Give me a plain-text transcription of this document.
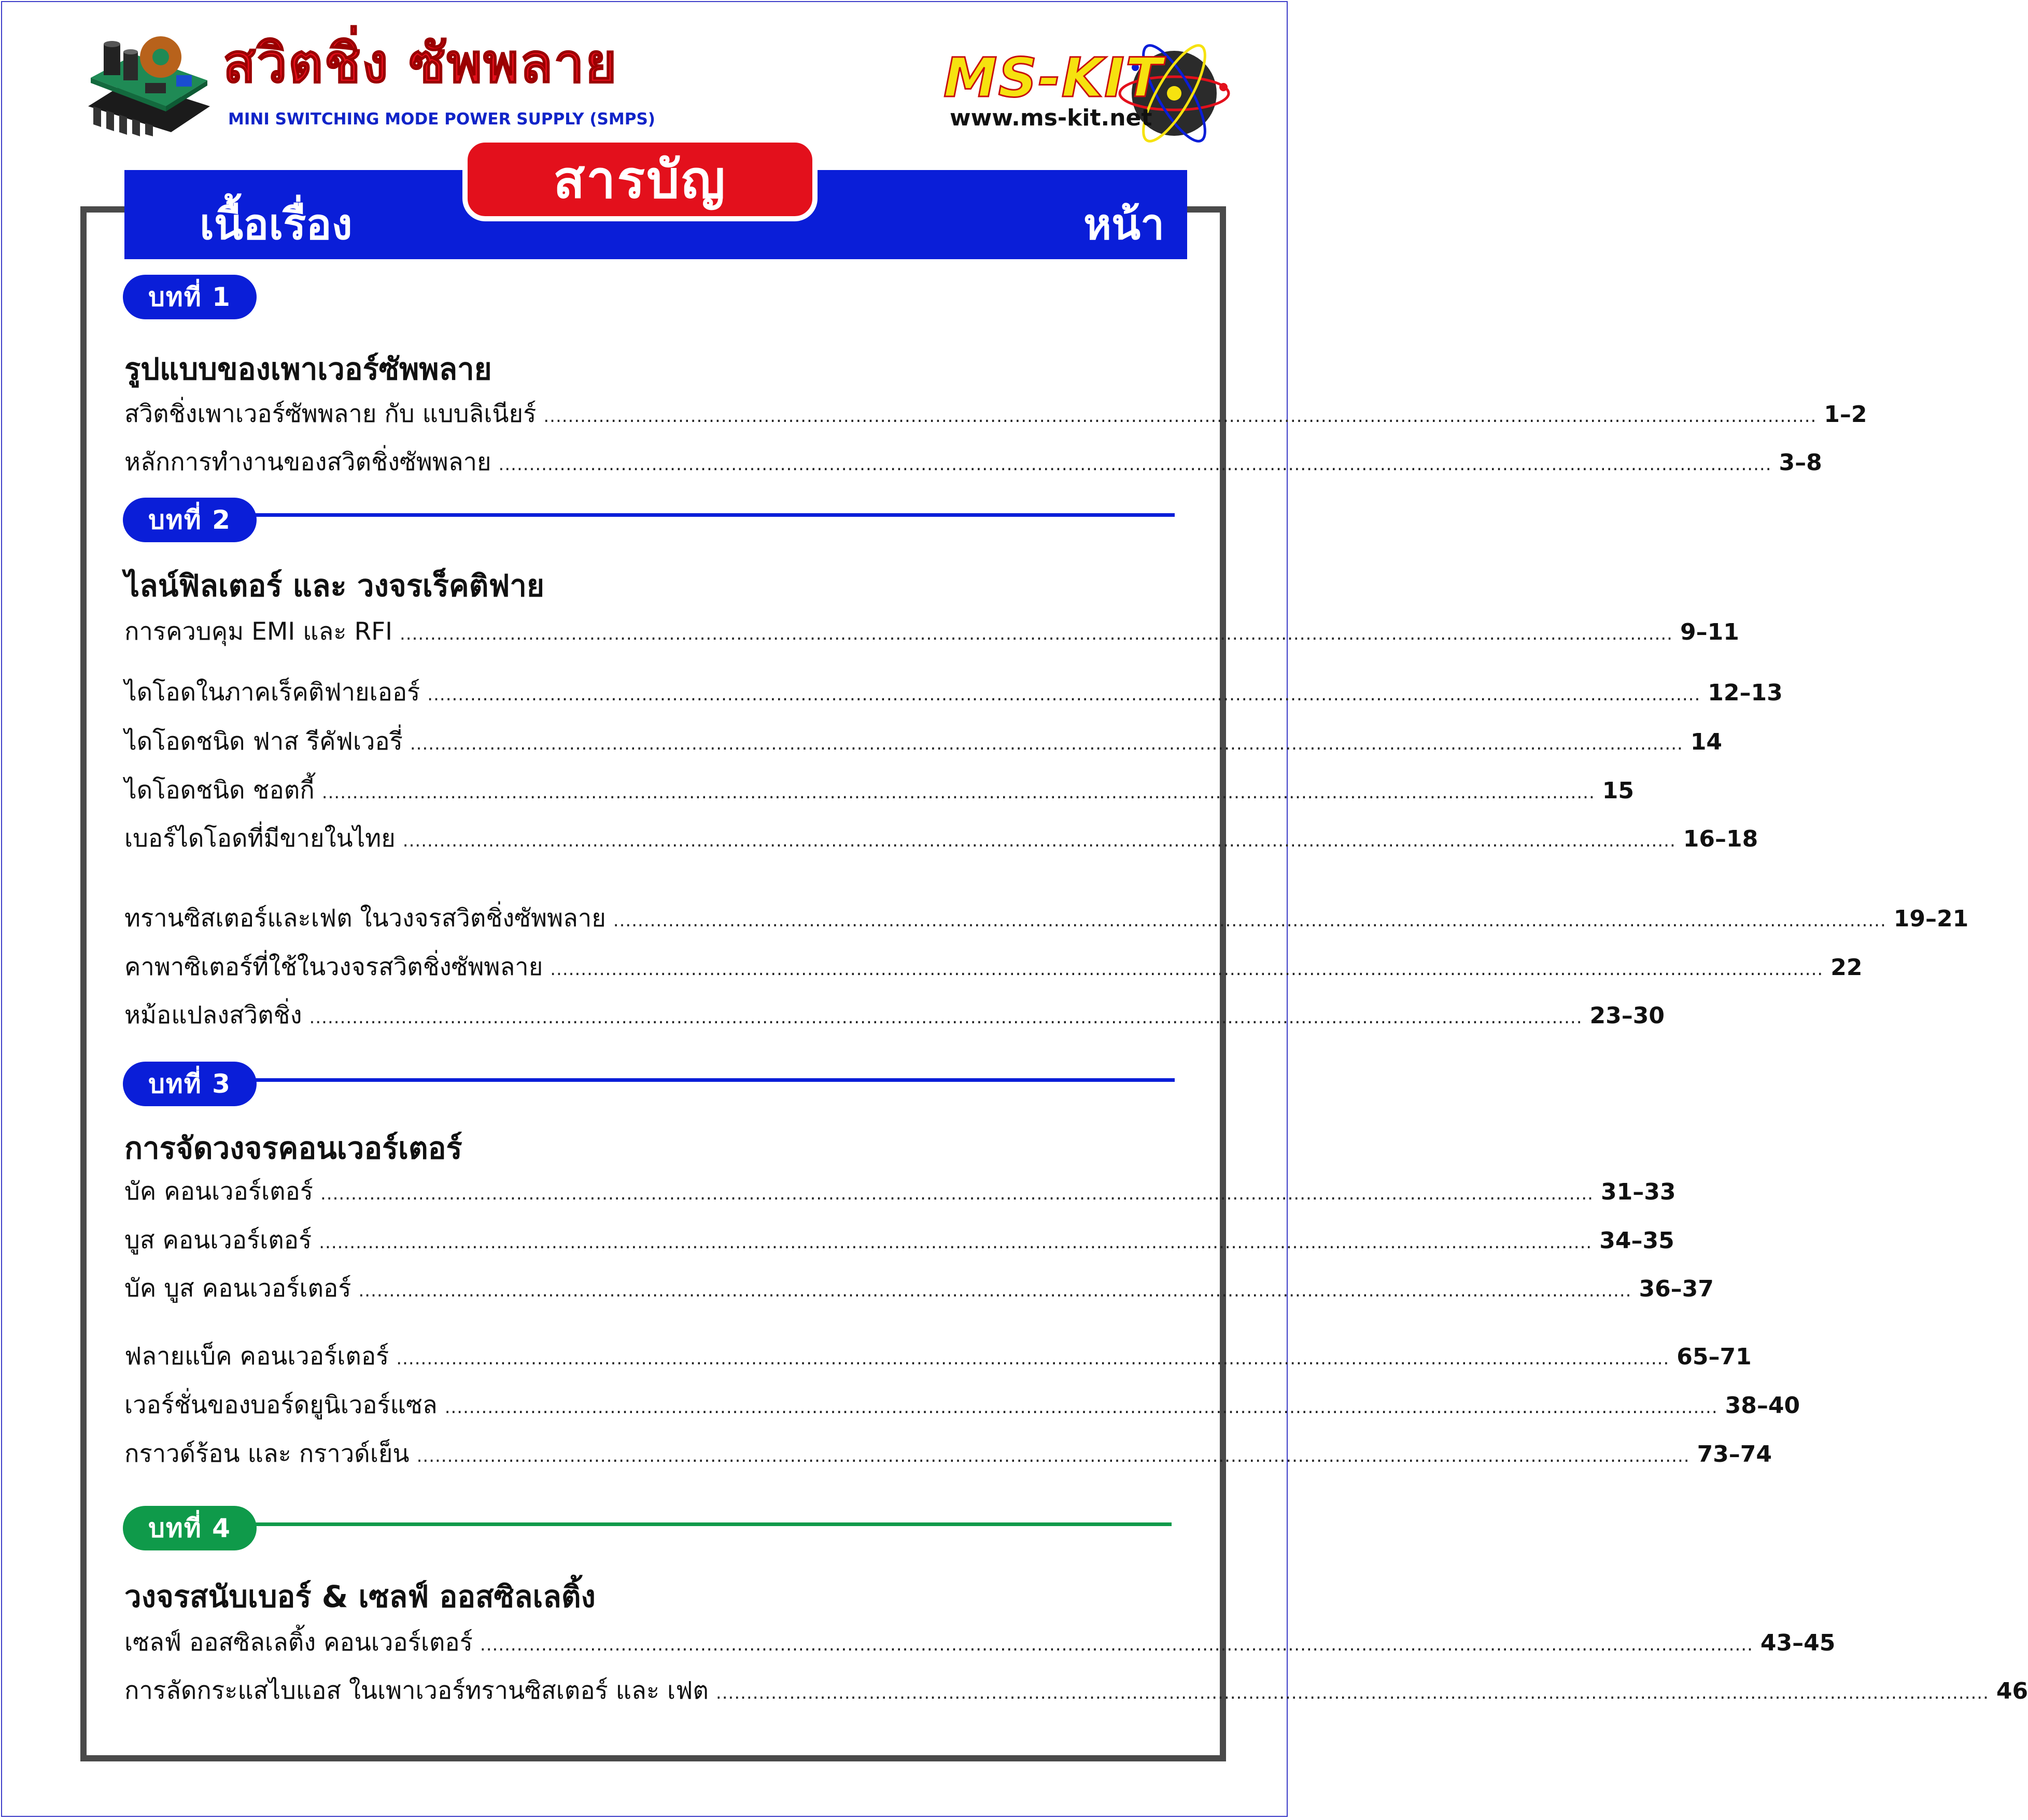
สวิตชิ่ง ซัพพลาย
MINI SWITCHING MODE POWER SUPPLY (SMPS)
MS-KIT
www.ms-kit.net
เนื้อเรื่อง	หน้า
สารบัญ
บทที่ 1
รูปแบบของเพาเวอร์ซัพพลาย
สวิตชิ่งเพาเวอร์ซัพพลาย กับ แบบลิเนียร์ ................................................................................................................................................................................................................ 1–2
หลักการทำงานของสวิตชิ่งซัพพลาย ................................................................................................................................................................................................................ 3–8
บทที่ 2
ไลน์ฟิลเตอร์ และ วงจรเร็คติฟาย
การควบคุม EMI และ RFI ................................................................................................................................................................................................................ 9–11
ไดโอดในภาคเร็คติฟายเออร์ ................................................................................................................................................................................................................ 12–13
ไดโอดชนิด ฟาส รีคัฟเวอรี่ ................................................................................................................................................................................................................ 14
ไดโอดชนิด ชอตกี้ ................................................................................................................................................................................................................ 15
เบอร์ไดโอดที่มีขายในไทย ................................................................................................................................................................................................................ 16–18
ทรานซิสเตอร์และเฟต ในวงจรสวิตชิ่งซัพพลาย ................................................................................................................................................................................................................ 19–21
คาพาซิเตอร์ที่ใช้ในวงจรสวิตชิ่งซัพพลาย ................................................................................................................................................................................................................ 22
หม้อแปลงสวิตชิ่ง ................................................................................................................................................................................................................ 23–30
บทที่ 3
การจัดวงจรคอนเวอร์เตอร์
บัค คอนเวอร์เตอร์ ................................................................................................................................................................................................................ 31–33
บูส คอนเวอร์เตอร์ ................................................................................................................................................................................................................ 34–35
บัค บูส คอนเวอร์เตอร์ ................................................................................................................................................................................................................ 36–37
ฟลายแบ็ค คอนเวอร์เตอร์ ................................................................................................................................................................................................................ 65–71
เวอร์ชั่นของบอร์ดยูนิเวอร์แซล ................................................................................................................................................................................................................ 38–40
กราวด์ร้อน และ กราวด์เย็น ................................................................................................................................................................................................................ 73–74
บทที่ 4
วงจรสนับเบอร์ & เซลฟ์ ออสซิลเลติ้ง
เซลฟ์ ออสซิลเลติ้ง คอนเวอร์เตอร์ ................................................................................................................................................................................................................ 43–45
การลัดกระแสไบแอส ในเพาเวอร์ทรานซิสเตอร์ และ เฟต ................................................................................................................................................................................................................ 46
